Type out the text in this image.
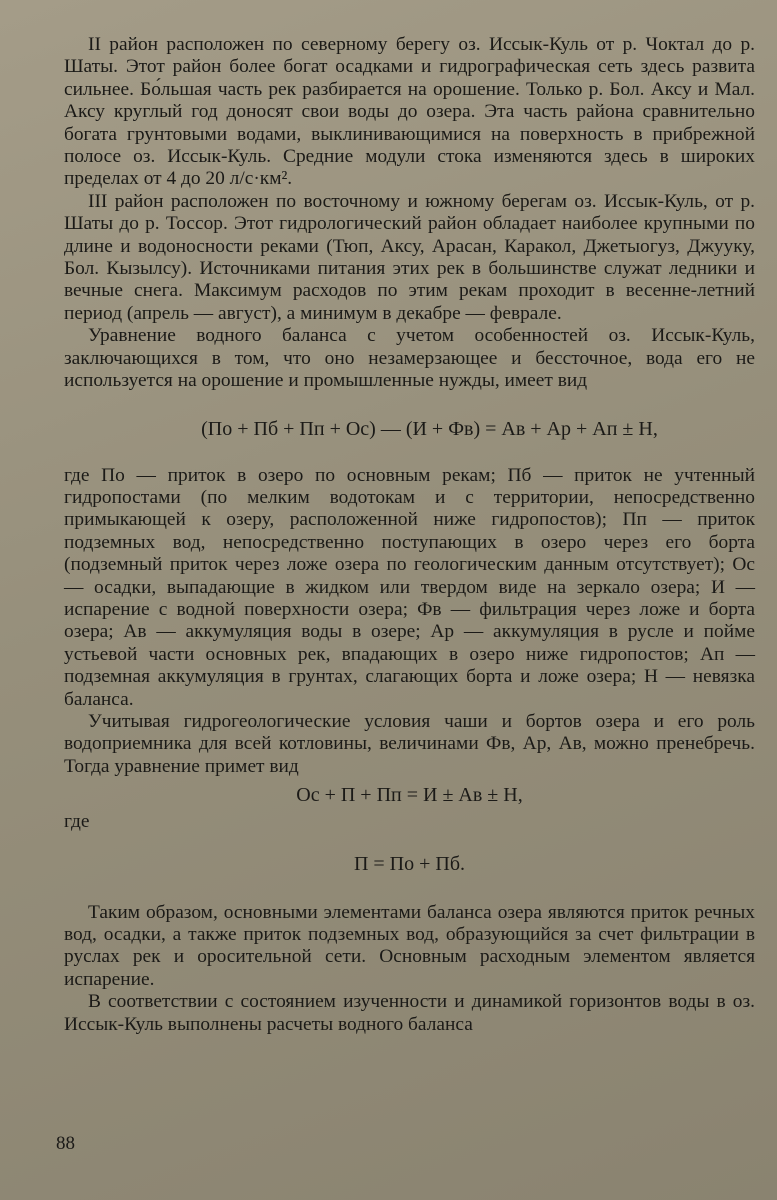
II район расположен по северному берегу оз. Иссык-Куль от р. Чоктал до р. Шаты. Этот район более богат осадками и гидрографическая сеть здесь развита сильнее. Бо́льшая часть рек разбирается на орошение. Только р. Бол. Аксу и Мал. Аксу круглый год доносят свои воды до озера. Эта часть района сравнительно богата грунтовыми водами, выклинивающимися на поверхность в прибрежной полосе оз. Иссык-Куль. Средние модули стока изменяются здесь в широких пределах от 4 до 20 л/с·км².

III район расположен по восточному и южному берегам оз. Иссык-Куль, от р. Шаты до р. Тоссор. Этот гидрологический район обладает наиболее крупными по длине и водоносности реками (Тюп, Аксу, Арасан, Каракол, Джетыогуз, Джууку, Бол. Кызылсу). Источниками питания этих рек в большинстве служат ледники и вечные снега. Максимум расходов по этим рекам проходит в весенне-летний период (апрель — август), а минимум в декабре — феврале.

Уравнение водного баланса с учетом особенностей оз. Иссык-Куль, заключающихся в том, что оно незамерзающее и бессточное, вода его не используется на орошение и промышленные нужды, имеет вид

(По + Пб + Пп + Ос) — (И + Фв) = Ав + Ар + Ап ± Н,

где По — приток в озеро по основным рекам; Пб — приток не учтенный гидропостами (по мелким водотокам и с территории, непосредственно примыкающей к озеру, расположенной ниже гидропостов); Пп — приток подземных вод, непосредственно поступающих в озеро через его борта (подземный приток через ложе озера по геологическим данным отсутствует); Ос — осадки, выпадающие в жидком или твердом виде на зеркало озера; И — испарение с водной поверхности озера; Фв — фильтрация через ложе и борта озера; Ав — аккумуляция воды в озере; Ар — аккумуляция в русле и пойме устьевой части основных рек, впадающих в озеро ниже гидропостов; Ап — подземная аккумуляция в грунтах, слагающих борта и ложе озера; Н — невязка баланса.

Учитывая гидрогеологические условия чаши и бортов озера и его роль водоприемника для всей котловины, величинами Фв, Ар, Ав, можно пренебречь. Тогда уравнение примет вид

Ос + П + Пп = И ± Ав ± Н,

где

П = По + Пб.

Таким образом, основными элементами баланса озера являются приток речных вод, осадки, а также приток подземных вод, образующийся за счет фильтрации в руслах рек и оросительной сети. Основным расходным элементом является испарение.

В соответствии с состоянием изученности и динамикой горизонтов воды в оз. Иссык-Куль выполнены расчеты водного баланса

88
